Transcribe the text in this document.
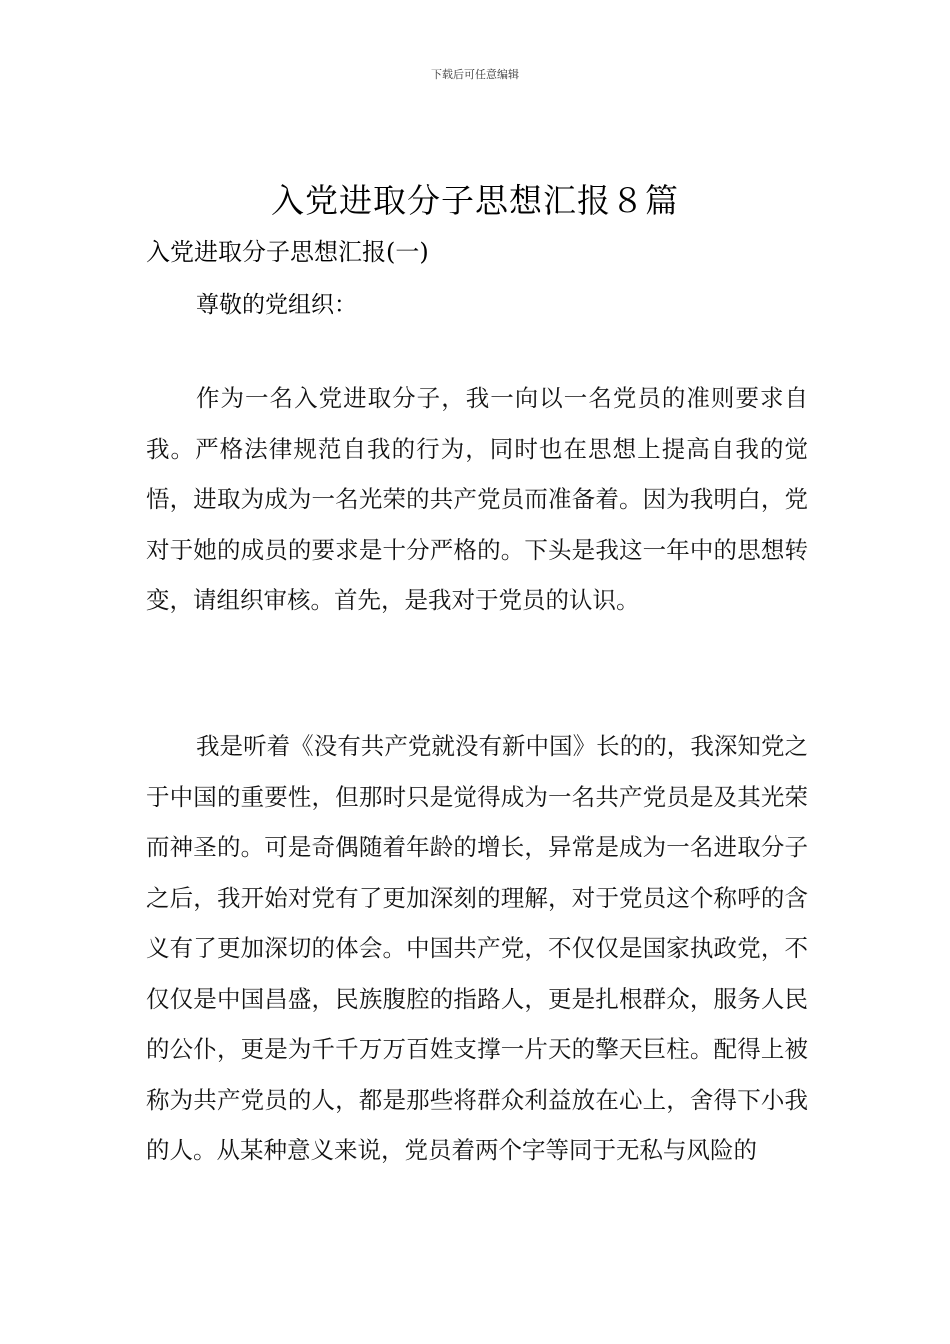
下载后可任意编辑
入党进取分子思想汇报８篇
入党进取分子思想汇报(一)
尊敬的党组织：

作为一名入党进取分子，我一向以一名党员的准则要求自我。严格法律规范自我的行为，同时也在思想上提高自我的觉悟，进取为成为一名光荣的共产党员而准备着。因为我明白，党对于她的成员的要求是十分严格的。下头是我这一年中的思想转变，请组织审核。首先，是我对于党员的认识。

我是听着《没有共产党就没有新中国》长的的，我深知党之于中国的重要性，但那时只是觉得成为一名共产党员是及其光荣而神圣的。可是奇偶随着年龄的增长，异常是成为一名进取分子之后，我开始对党有了更加深刻的理解，对于党员这个称呼的含义有了更加深切的体会。中国共产党，不仅仅是国家执政党，不仅仅是中国昌盛，民族腹腔的指路人，更是扎根群众，服务人民的公仆，更是为千千万万百姓支撑一片天的擎天巨柱。配得上被称为共产党员的人，都是那些将群众利益放在心上，舍得下小我的人。从某种意义来说，党员着两个字等同于无私与风险的
